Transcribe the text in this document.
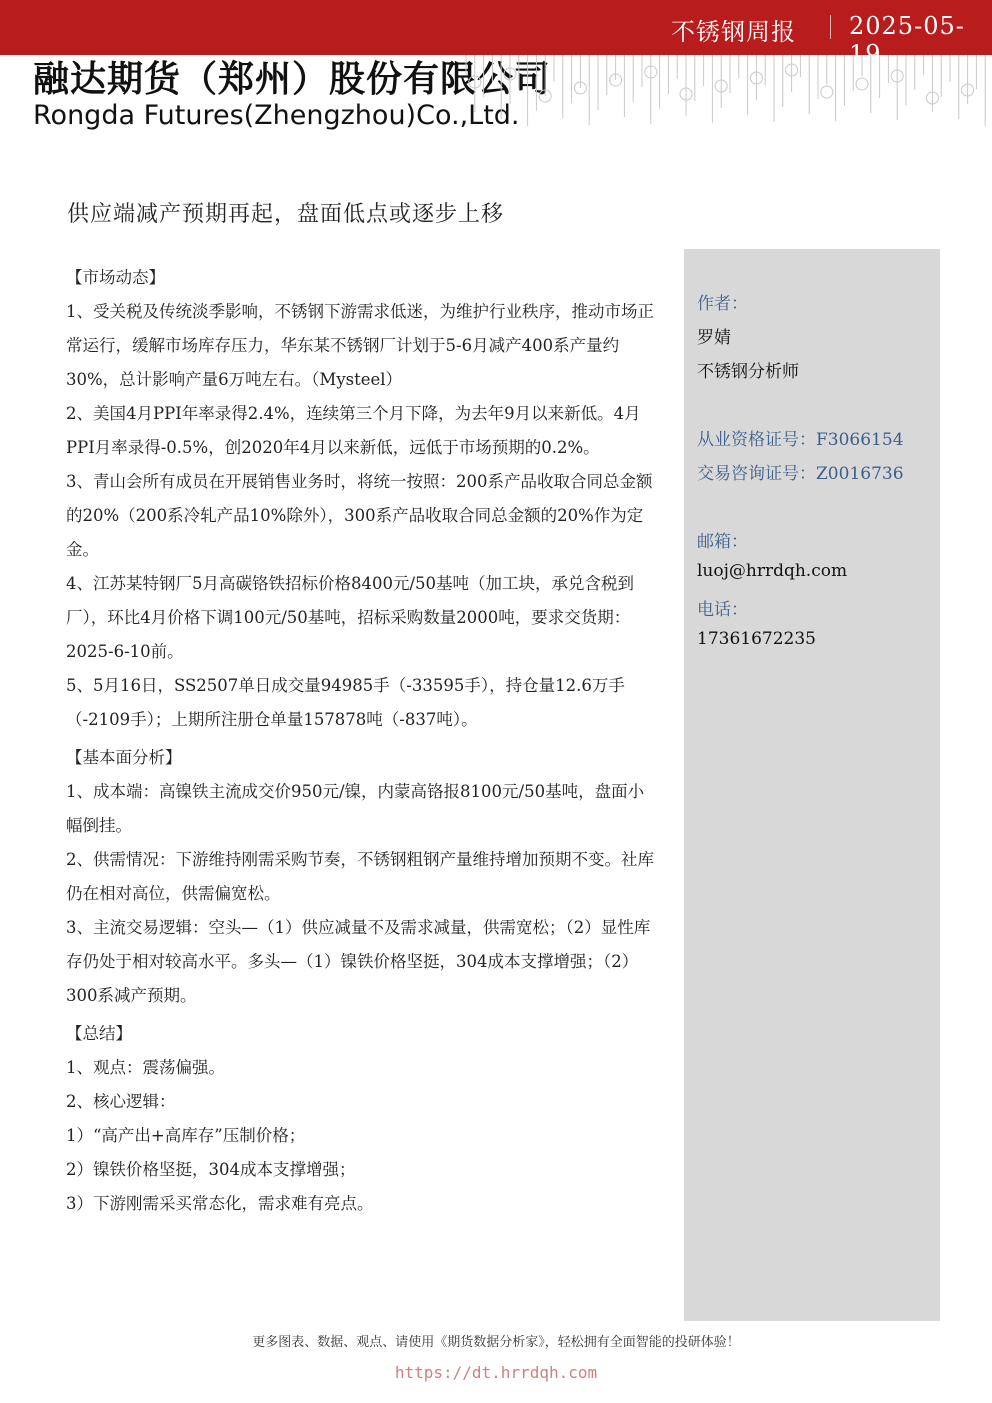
不锈钢周报 2025-05-19
融达期货（郑州）股份有限公司
Rongda Futures(Zhengzhou)Co.,Ltd.
供应端减产预期再起，盘面低点或逐步上移
【市场动态】

1、受关税及传统淡季影响，不锈钢下游需求低迷，为维护行业秩序，推动市场正常运行，缓解市场库存压力，华东某不锈钢厂计划于5-6月减产400系产量约30%，总计影响产量6万吨左右。（Mysteel）

2、美国4月PPI年率录得2.4%，连续第三个月下降，为去年9月以来新低。4月PPI月率录得-0.5%，创2020年4月以来新低，远低于市场预期的0.2%。

3、青山会所有成员在开展销售业务时，将统一按照：200系产品收取合同总金额的20%（200系冷轧产品10%除外），300系产品收取合同总金额的20%作为定金。

4、江苏某特钢厂5月高碳铬铁招标价格8400元/50基吨（加工块，承兑含税到厂），环比4月价格下调100元/50基吨，招标采购数量2000吨，要求交货期：2025-6-10前。

5、5月16日，SS2507单日成交量94985手（-33595手），持仓量12.6万手（-2109手）；上期所注册仓单量157878吨（-837吨）。

【基本面分析】

1、成本端：高镍铁主流成交价950元/镍，内蒙高铬报8100元/50基吨，盘面小幅倒挂。

2、供需情况：下游维持刚需采购节奏，不锈钢粗钢产量维持增加预期不变。社库仍在相对高位，供需偏宽松。

3、主流交易逻辑：空头—（1）供应减量不及需求减量，供需宽松；（2）显性库存仍处于相对较高水平。多头—（1）镍铁价格坚挺，304成本支撑增强；（2）300系减产预期。

【总结】

1、观点：震荡偏强。

2、核心逻辑：

1）“高产出+高库存”压制价格；

2）镍铁价格坚挺，304成本支撑增强；

3）下游刚需采买常态化，需求难有亮点。

作者：
罗婧
不锈钢分析师
从业资格证号：F3066154
交易咨询证号：Z0016736
邮箱：
luoj@hrrdqh.com
电话：
17361672235
更多图表、数据、观点、请使用《期货数据分析家》，轻松拥有全面智能的投研体验！
https://dt.hrrdqh.com
